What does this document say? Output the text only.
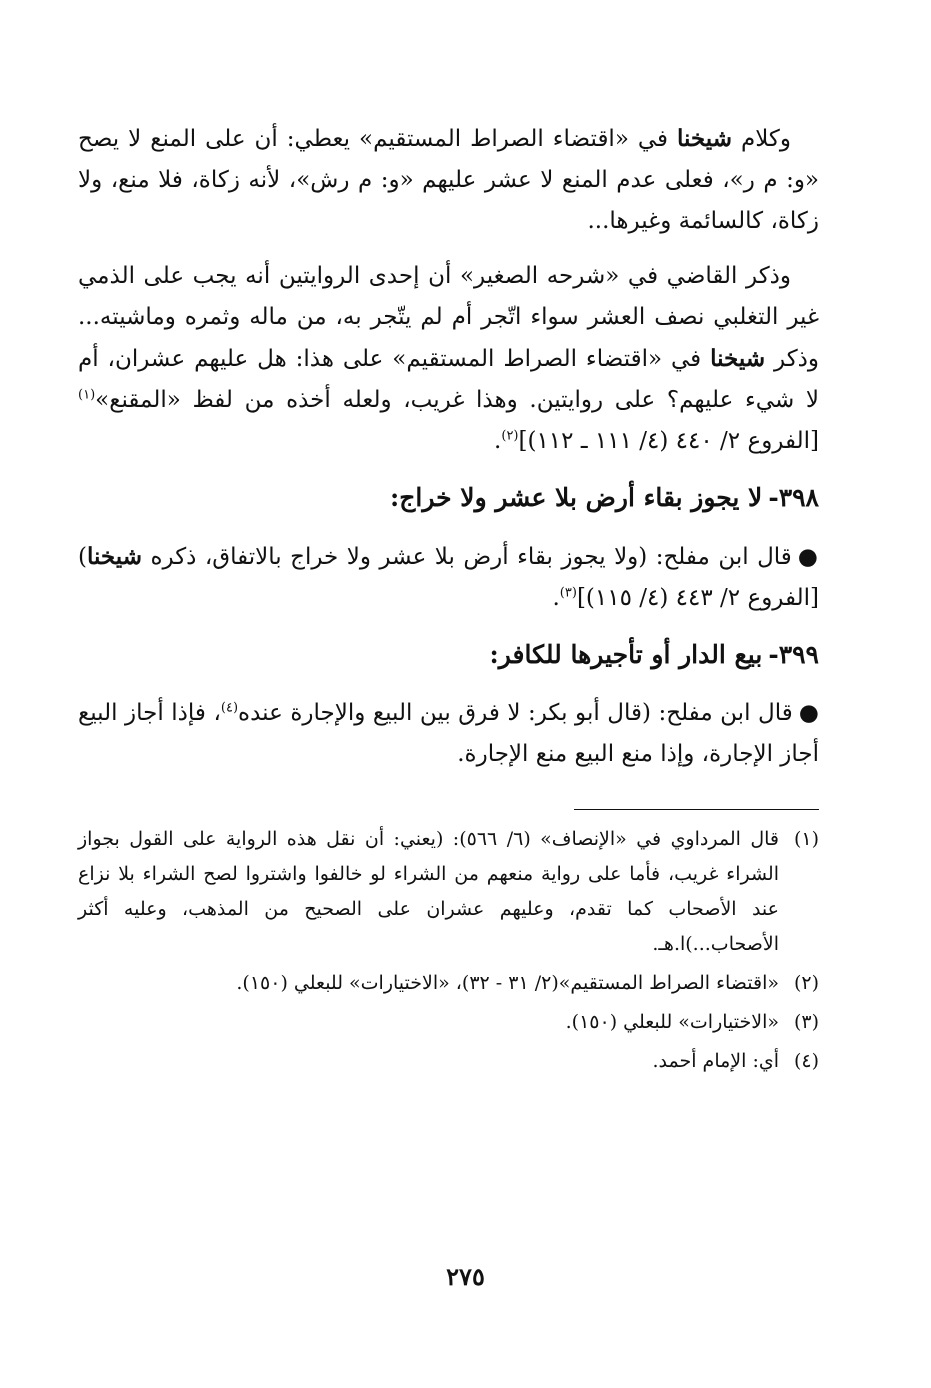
وكلام شيخنا في «اقتضاء الصراط المستقيم» يعطي: أن على المنع لا يصح «و: م ر»، فعلى عدم المنع لا عشر عليهم «و: م رش»، لأنه زكاة، فلا منع، ولا زكاة، كالسائمة وغيرها...

وذكر القاضي في «شرحه الصغير» أن إحدى الروايتين أنه يجب على الذمي غير التغلبي نصف العشر سواء اتّجر أم لم يتّجر به، من ماله وثمره وماشيته... وذكر شيخنا في «اقتضاء الصراط المستقيم» على هذا: هل عليهم عشران، أم لا شيء عليهم؟ على روايتين. وهذا غريب، ولعله أخذه من لفظ «المقنع»$^{(١)}$ [الفروع ٢/ ٤٤٠ (٤/ ١١١ ـ ١١٢)]$^{(٢)}$.

٣٩٨-لا يجوز بقاء أرض بلا عشر ولا خراج:

●قال ابن مفلح: (ولا يجوز بقاء أرض بلا عشر ولا خراج بالاتفاق، ذكره شيخنا) [الفروع ٢/ ٤٤٣ (٤/ ١١٥)]$^{(٣)}$.

٣٩٩-بيع الدار أو تأجيرها للكافر:

●قال ابن مفلح: (قال أبو بكر: لا فرق بين البيع والإجارة عنده$^{(٤)}$، فإذا أجاز البيع أجاز الإجارة، وإذا منع البيع منع الإجارة.

(١)
قال المرداوي في «الإنصاف» (٦/ ٥٦٦): (يعني: أن نقل هذه الرواية على القول بجواز الشراء غريب، فأما على رواية منعهم من الشراء لو خالفوا واشتروا لصح الشراء بلا نزاع عند الأصحاب كما تقدم، وعليهم عشران على الصحيح من المذهب، وعليه أكثر الأصحاب...)ا.هـ.
(٢)
«اقتضاء الصراط المستقيم»(٢/ ٣١ - ٣٢)، «الاختيارات» للبعلي (١٥٠).
(٣)
«الاختيارات» للبعلي (١٥٠).
(٤)
أي: الإمام أحمد.
٢٧٥
